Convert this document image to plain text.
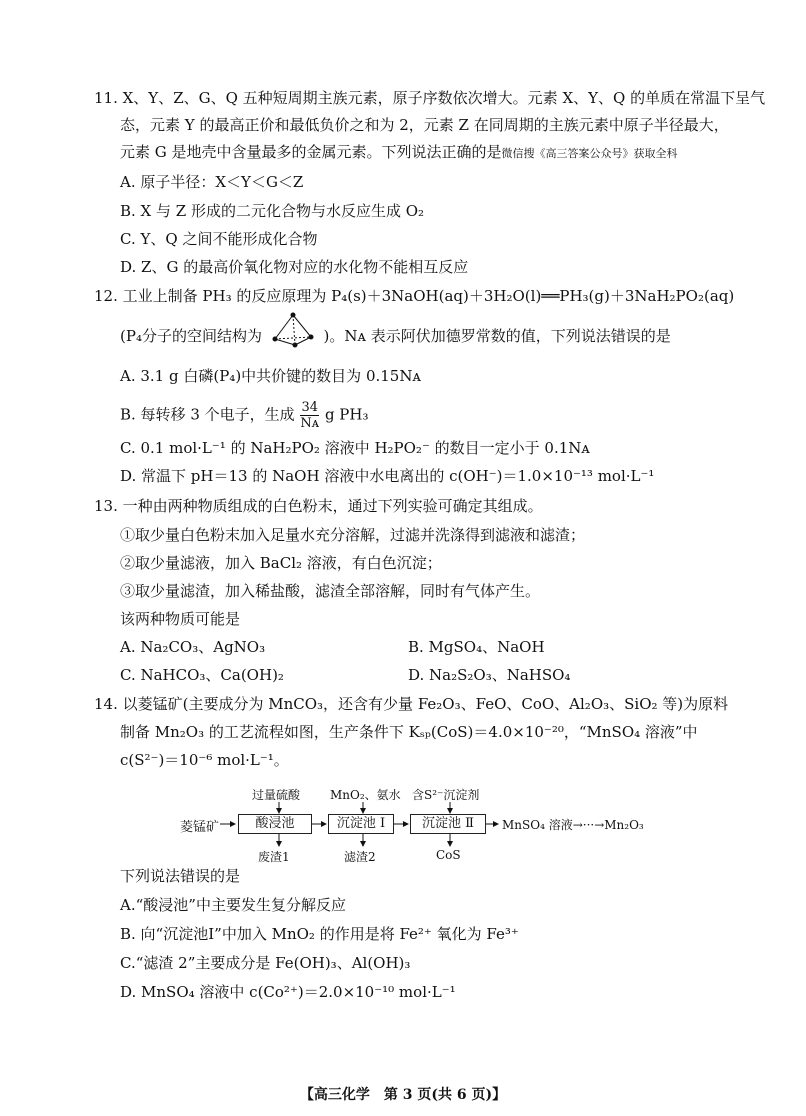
11. X、Y、Z、G、Q 五种短周期主族元素，原子序数依次增大。元素 X、Y、Q 的单质在常温下呈气
态，元素 Y 的最高正价和最低负价之和为 2，元素 Z 在同周期的主族元素中原子半径最大，
元素 G 是地壳中含量最多的金属元素。下列说法正确的是微信搜《高三答案公众号》获取全科
A. 原子半径：X＜Y＜G＜Z
B. X 与 Z 形成的二元化合物与水反应生成 O₂
C. Y、Q 之间不能形成化合物
D. Z、G 的最高价氧化物对应的水化物不能相互反应
12. 工业上制备 PH₃ 的反应原理为 P₄(s)＋3NaOH(aq)＋3H₂O(l)══PH₃(g)＋3NaH₂PO₂(aq)
(P₄分子的空间结构为	)。Nᴀ 表示阿伏加德罗常数的值，下列说法错误的是
A. 3.1 g 白磷(P₄)中共价键的数目为 0.15Nᴀ
B. 每转移 3 个电子，生成 $\frac{34}{\text{Nᴀ}}$ g PH₃
C. 0.1 mol·L⁻¹ 的 NaH₂PO₂ 溶液中 H₂PO₂⁻ 的数目一定小于 0.1Nᴀ
D. 常温下 pH＝13 的 NaOH 溶液中水电离出的 c(OH⁻)＝1.0×10⁻¹³ mol·L⁻¹
13. 一种由两种物质组成的白色粉末，通过下列实验可确定其组成。
①取少量白色粉末加入足量水充分溶解，过滤并洗涤得到滤液和滤渣；
②取少量滤液，加入 BaCl₂ 溶液，有白色沉淀；
③取少量滤渣，加入稀盐酸，滤渣全部溶解，同时有气体产生。
该两种物质可能是
A. Na₂CO₃、AgNO₃	B. MgSO₄、NaOH
C. NaHCO₃、Ca(OH)₂	D. Na₂S₂O₃、NaHSO₄
14. 以菱锰矿(主要成分为 MnCO₃，还含有少量 Fe₂O₃、FeO、CoO、Al₂O₃、SiO₂ 等)为原料
制备 Mn₂O₃ 的工艺流程如图，生产条件下 Kₛₚ(CoS)＝4.0×10⁻²⁰，“MnSO₄ 溶液”中
c(S²⁻)＝10⁻⁶ mol·L⁻¹。
过量硫酸 MnO₂、氨水 含S²⁻沉淀剂
菱锰矿	酸浸池	沉淀池 Ⅰ	沉淀池 Ⅱ	MnSO₄ 溶液→···→Mn₂O₃
废渣1	滤渣2	CoS
下列说法错误的是
A.“酸浸池”中主要发生复分解反应
B. 向“沉淀池Ⅰ”中加入 MnO₂ 的作用是将 Fe²⁺ 氧化为 Fe³⁺
C.“滤渣 2”主要成分是 Fe(OH)₃、Al(OH)₃
D. MnSO₄ 溶液中 c(Co²⁺)＝2.0×10⁻¹⁰ mol·L⁻¹
【高三化学　第 3 页(共 6 页)】
